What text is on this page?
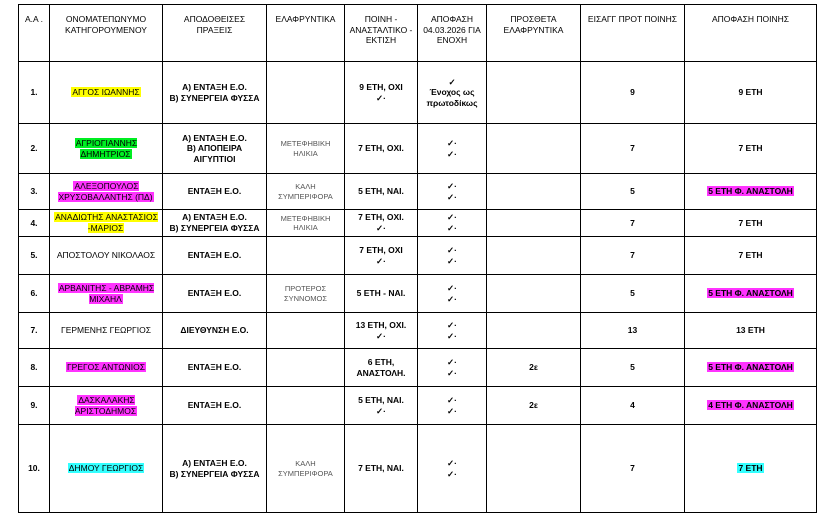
Α.Α .	ΟΝΟΜΑΤΕΠΩΝΥΜΟ ΚΑΤΗΓΟΡΟΥΜΕΝΟΥ	ΑΠΟΔΟΘΕΙΣΕΣ ΠΡΑΞΕΙΣ	ΕΛΑΦΡΥΝΤΙΚΑ	ΠΟΙΝΗ - ΑΝΑΣΤΑΛΤΙΚΟ - ΕΚΤΙΣΗ	ΑΠΟΦΑΣΗ 04.03.2026 ΓΙΑ ΕΝΟΧΗ	ΠΡΟΣΘΕΤΑ ΕΛΑΦΡΥΝΤΙΚΑ	ΕΙΣΑΓΓ ΠΡΟΤ ΠΟΙΝΗΣ	ΑΠΟΦΑΣΗ ΠΟΙΝΗΣ
1.	ΑΓΓΟΣ ΙΩΑΝΝΗΣ	Α) ΕΝΤΑΞΗ Ε.Ο.
Β) ΣΥΝΕΡΓΕΙΑ ΦΥΣΣΑ		9 ΕΤΗ, ΟΧΙ
✓·	✓
Ένοχος ως πρωτοδίκως		9	9 ΕΤΗ
2.	ΑΓΡΙΟΓΙΑΝΝΗΣ ΔΗΜΗΤΡΙΟΣ	Α) ΕΝΤΑΞΗ Ε.Ο.
Β) ΑΠΟΠΕΙΡΑ ΑΙΓΥΠΤΙΟΙ	ΜΕΤΕΦΗΒΙΚΗ ΗΛΙΚΙΑ	7 ΕΤΗ, ΟΧΙ.	✓·
✓·		7	7 ΕΤΗ
3.	ΑΛΕΞΟΠΟΥΛΟΣ ΧΡΥΣΟΒΑΛΑΝΤΗΣ (ΠΔ)	ΕΝΤΑΞΗ Ε.Ο.	ΚΑΛΗ ΣΥΜΠΕΡΙΦΟΡΑ	5 ΕΤΗ, ΝΑΙ.	✓·
✓·		5	5 ΕΤΗ Φ. ΑΝΑΣΤΟΛΗ
4.	ΑΝΑΔΙΩΤΗΣ ΑΝΑΣΤΑΣΙΟΣ -ΜΑΡΙΟΣ	Α) ΕΝΤΑΞΗ Ε.Ο.
Β) ΣΥΝΕΡΓΕΙΑ ΦΥΣΣΑ	ΜΕΤΕΦΗΒΙΚΗ ΗΛΙΚΙΑ	7 ΕΤΗ, ΟΧΙ.
✓·	✓·
✓·		7	7 ΕΤΗ
5.	ΑΠΟΣΤΟΛΟΥ ΝΙΚΟΛΑΟΣ	ΕΝΤΑΞΗ Ε.Ο.		7 ΕΤΗ, ΟΧΙ
✓·	✓·
✓·		7	7 ΕΤΗ
6.	ΑΡΒΑΝΙΤΗΣ - ΑΒΡΑΜΗΣ ΜΙΧΑΗΛ	ΕΝΤΑΞΗ Ε.Ο.	ΠΡΟΤΕΡΟΣ ΣΥΝΝΟΜΟΣ	5 ΕΤΗ - ΝΑΙ.	✓·
✓·		5	5 ΕΤΗ Φ. ΑΝΑΣΤΟΛΗ
7.	ΓΕΡΜΕΝΗΣ ΓΕΩΡΓΙΟΣ	ΔΙΕΥΘΥΝΣΗ Ε.Ο.		13 ΕΤΗ, ΟΧΙ.
✓·	✓·
✓·		13	13 ΕΤΗ
8.	ΓΡΕΓΟΣ ΑΝΤΩΝΙΟΣ	ΕΝΤΑΞΗ Ε.Ο.		6 ΕΤΗ, ΑΝΑΣΤΟΛΗ.	✓·
✓·	2ε	5	5 ΕΤΗ Φ. ΑΝΑΣΤΟΛΗ
9.	ΔΑΣΚΑΛΑΚΗΣ ΑΡΙΣΤΟΔΗΜΟΣ	ΕΝΤΑΞΗ Ε.Ο.		5 ΕΤΗ, ΝΑΙ.
✓·	✓·
✓·	2ε	4	4 ΕΤΗ Φ. ΑΝΑΣΤΟΛΗ
10.	ΔΗΜΟΥ ΓΕΩΡΓΙΟΣ	Α) ΕΝΤΑΞΗ Ε.Ο.
Β) ΣΥΝΕΡΓΕΙΑ ΦΥΣΣΑ	ΚΑΛΗ ΣΥΜΠΕΡΙΦΟΡΑ	7 ΕΤΗ, ΝΑΙ.	✓·
✓·		7	7 ΕΤΗ
